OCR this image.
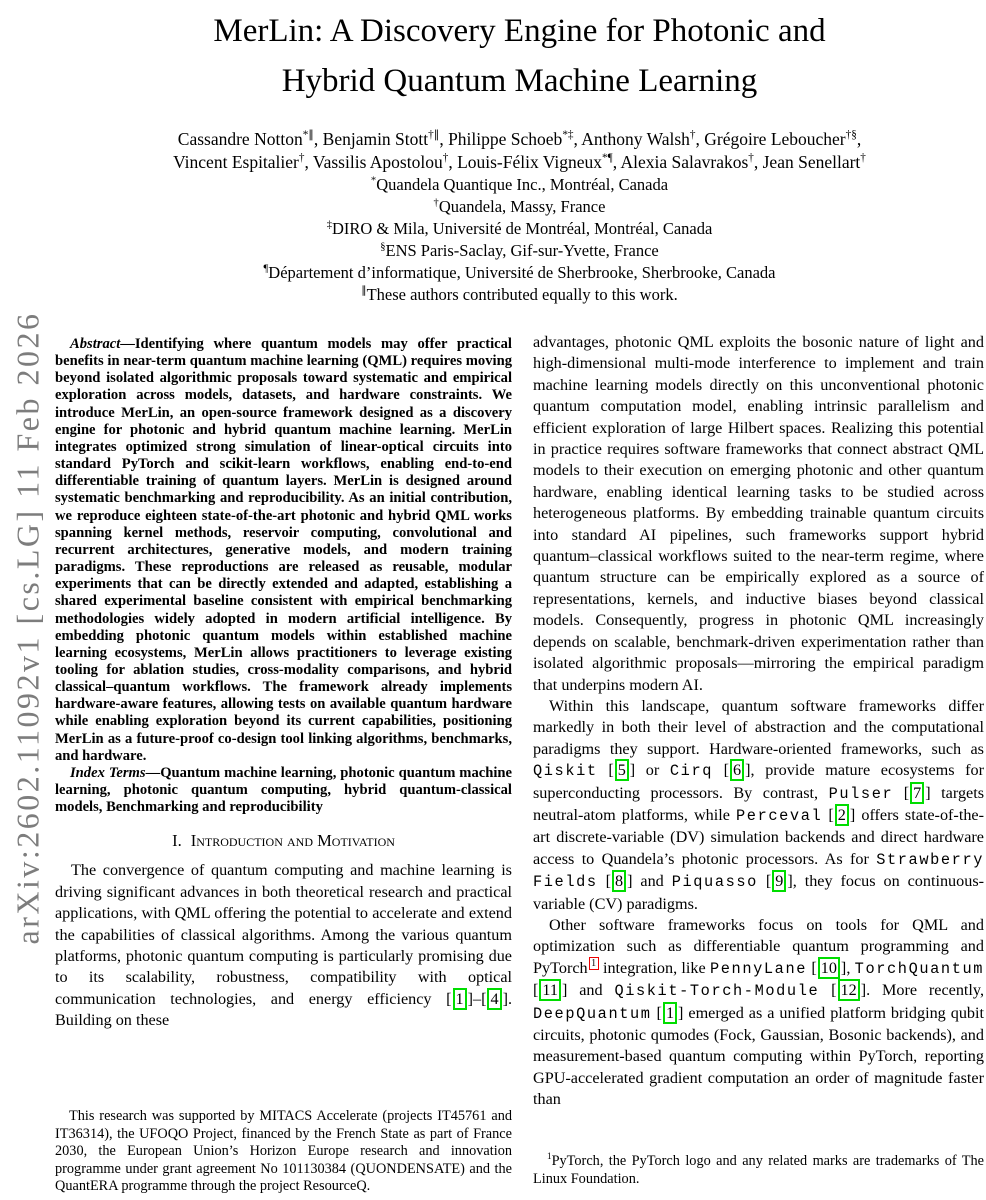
arXiv:2602.11092v1 [cs.LG] 11 Feb 2026
MerLin: A Discovery Engine for Photonic and
Hybrid Quantum Machine Learning
Cassandre Notton*∥, Benjamin Stott†∥, Philippe Schoeb*‡, Anthony Walsh†, Grégoire Leboucher†§,
Vincent Espitalier†, Vassilis Apostolou†, Louis-Félix Vigneux*¶, Alexia Salavrakos†, Jean Senellart†
*Quandela Quantique Inc., Montréal, Canada
†Quandela, Massy, France
‡DIRO & Mila, Université de Montréal, Montréal, Canada
§ENS Paris-Saclay, Gif-sur-Yvette, France
¶Département d’informatique, Université de Sherbrooke, Sherbrooke, Canada
∥These authors contributed equally to this work.

Abstract—Identifying where quantum models may offer practical benefits in near-term quantum machine learning (QML) requires moving beyond isolated algorithmic proposals toward systematic and empirical exploration across models, datasets, and hardware constraints. We introduce MerLin, an open-source framework designed as a discovery engine for photonic and hybrid quantum machine learning. MerLin integrates optimized strong simulation of linear-optical circuits into standard PyTorch and scikit-learn workflows, enabling end-to-end differentiable training of quantum layers. MerLin is designed around systematic benchmarking and reproducibility. As an initial contribution, we reproduce eighteen state-of-the-art photonic and hybrid QML works spanning kernel methods, reservoir computing, convolutional and recurrent architectures, generative models, and modern training paradigms. These reproductions are released as reusable, modular experiments that can be directly extended and adapted, establishing a shared experimental baseline consistent with empirical benchmarking methodologies widely adopted in modern artificial intelligence. By embedding photonic quantum models within established machine learning ecosystems, MerLin allows practitioners to leverage existing tooling for ablation studies, cross-modality comparisons, and hybrid classical–quantum workflows. The framework already implements hardware-aware features, allowing tests on available quantum hardware while enabling exploration beyond its current capabilities, positioning MerLin as a future-proof co-design tool linking algorithms, benchmarks, and hardware.

Index Terms—Quantum machine learning, photonic quantum machine learning, photonic quantum computing, hybrid quantum-classical models, Benchmarking and reproducibility

I. Introduction and Motivation

The convergence of quantum computing and machine learning is driving significant advances in both theoretical research and practical applications, with QML offering the potential to accelerate and extend the capabilities of classical algorithms. Among the various quantum platforms, photonic quantum computing is particularly promising due to its scalability, robustness, compatibility with optical communication technologies, and energy efficiency [ 1 ]–[ 4 ]. Building on these

advantages, photonic QML exploits the bosonic nature of light and high-dimensional multi-mode interference to implement and train machine learning models directly on this unconventional photonic quantum computation model, enabling intrinsic parallelism and efficient exploration of large Hilbert spaces. Realizing this potential in practice requires software frameworks that connect abstract QML models to their execution on emerging photonic and other quantum hardware, enabling identical learning tasks to be studied across heterogeneous platforms. By embedding trainable quantum circuits into standard AI pipelines, such frameworks support hybrid quantum–classical workflows suited to the near-term regime, where quantum structure can be empirically explored as a source of representations, kernels, and inductive biases beyond classical models. Consequently, progress in photonic QML increasingly depends on scalable, benchmark-driven experimentation rather than isolated algorithmic proposals—mirroring the empirical paradigm that underpins modern AI.

Within this landscape, quantum software frameworks differ markedly in both their level of abstraction and the computational paradigms they support. Hardware-oriented frameworks, such as Qiskit [ 5 ] or Cirq [ 6 ], provide mature ecosystems for superconducting processors. By contrast, Pulser [ 7 ] targets neutral-atom platforms, while Perceval [ 2 ] offers state-of-the-art discrete-variable (DV) simulation backends and direct hardware access to Quandela’s photonic processors. As for Strawberry Fields [ 8 ] and Piquasso [ 9 ], they focus on continuous-variable (CV) paradigms.

Other software frameworks focus on tools for QML and optimization such as differentiable quantum programming and PyTorch $^1$ integration, like PennyLane [ 10 ], TorchQuantum [ 11 ] and Qiskit-Torch-Module [ 12 ]. More recently, DeepQuantum [ 1 ] emerged as a unified platform bridging qubit circuits, photonic qumodes (Fock, Gaussian, Bosonic backends), and measurement-based quantum computing within PyTorch, reporting GPU-accelerated gradient computation an order of magnitude faster than

This research was supported by MITACS Accelerate (projects IT45761 and IT36314), the UFOQO Project, financed by the French State as part of France 2030, the European Union’s Horizon Europe research and innovation programme under grant agreement No 101130384 (QUONDENSATE) and the QuantERA programme through the project ResourceQ.
$^1$PyTorch, the PyTorch logo and any related marks are trademarks of The Linux Foundation.
